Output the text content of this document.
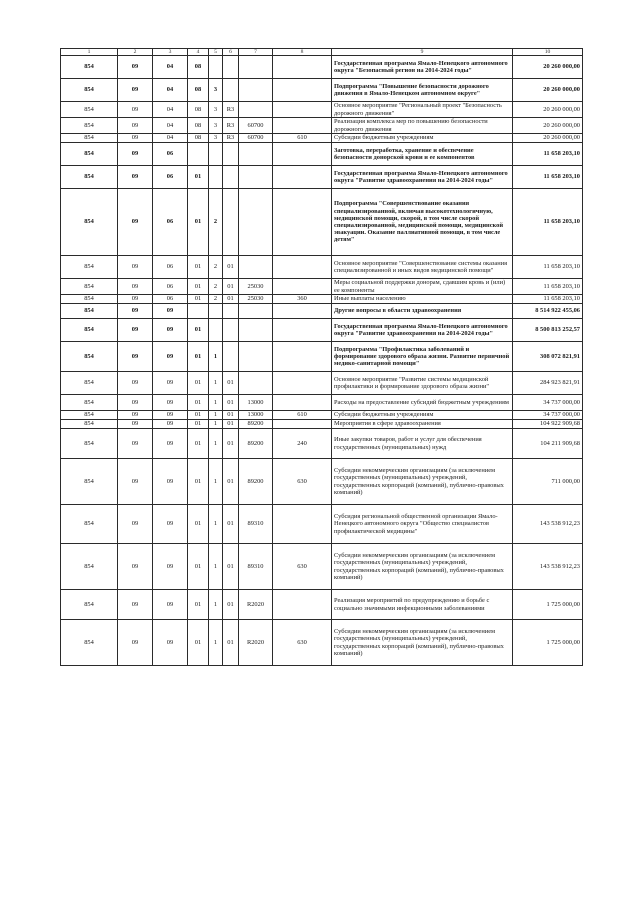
1	2	3	4	5	6	7	8	9	10
854	09	04	08					Государственная программа Ямало-Ненецкого автономного округа "Безопасный регион на 2014-2024 годы"	20 260 000,00
854	09	04	08	3				Подпрограмма "Повышение безопасности дорожного движения в Ямало-Ненецком автономном округе"	20 260 000,00
854	09	04	08	3	R3			Основное мероприятие "Региональный проект "Безопасность дорожного движения"	20 260 000,00
854	09	04	08	3	R3	60700		Реализация комплекса мер по повышению безопасности дорожного движения	20 260 000,00
854	09	04	08	3	R3	60700	610	Субсидии бюджетным учреждениям	20 260 000,00
854	09	06						Заготовка, переработка, хранение и обеспечение безопасности донорской крови и ее компонентов	11 658 203,10
854	09	06	01					Государственная программа Ямало-Ненецкого автономного округа "Развитие здравоохранения на 2014-2024 годы"	11 658 203,10
854	09	06	01	2				Подпрограмма "Совершенствование оказания специализированной, включая высокотехнологичную, медицинской помощи, скорой, в том числе скорой специализированной, медицинской помощи, медицинской эвакуации. Оказание паллиативной помощи, в том числе детям"	11 658 203,10
854	09	06	01	2	01			Основное мероприятие "Совершенствование системы оказания специализированной и иных видов медицинской помощи"	11 658 203,10
854	09	06	01	2	01	25030		Меры социальной поддержки донорам, сдавшим кровь и (или) ее компоненты	11 658 203,10
854	09	06	01	2	01	25030	360	Иные выплаты населению	11 658 203,10
854	09	09						Другие вопросы в области здравоохранения	8 514 922 455,06
854	09	09	01					Государственная программа Ямало-Ненецкого автономного округа "Развитие здравоохранения на 2014-2024 годы"	8 500 813 252,57
854	09	09	01	1				Подпрограмма "Профилактика заболеваний и формирование здорового образа жизни. Развитие первичной медико-санитарной помощи"	308 072 821,91
854	09	09	01	1	01			Основное мероприятие "Развитие системы медицинской профилактики и формирование здорового образа жизни"	284 923 821,91
854	09	09	01	1	01	13000		Расходы на предоставление субсидий бюджетным учреждениям	34 737 000,00
854	09	09	01	1	01	13000	610	Субсидии бюджетным учреждениям	34 737 000,00
854	09	09	01	1	01	89200		Мероприятия в сфере здравоохранения	104 922 909,68
854	09	09	01	1	01	89200	240	Иные закупки товаров, работ и услуг для обеспечения государственных (муниципальных) нужд	104 211 909,68
854	09	09	01	1	01	89200	630	Субсидии некоммерческим организациям (за исключением государственных (муниципальных) учреждений, государственных корпораций (компаний), публично-правовых компаний)	711 000,00
854	09	09	01	1	01	89310		Субсидия региональной общественной организации Ямало-Ненецкого автономного округа "Общество специалистов профилактической медицины"	143 538 912,23
854	09	09	01	1	01	89310	630	Субсидии некоммерческим организациям (за исключением государственных (муниципальных) учреждений, государственных корпораций (компаний), публично-правовых компаний)	143 538 912,23
854	09	09	01	1	01	R2020		Реализация мероприятий по предупреждению и борьбе с социально значимыми инфекционными заболеваниями	1 725 000,00
854	09	09	01	1	01	R2020	630	Субсидии некоммерческим организациям (за исключением государственных (муниципальных) учреждений, государственных корпораций (компаний), публично-правовых компаний)	1 725 000,00
